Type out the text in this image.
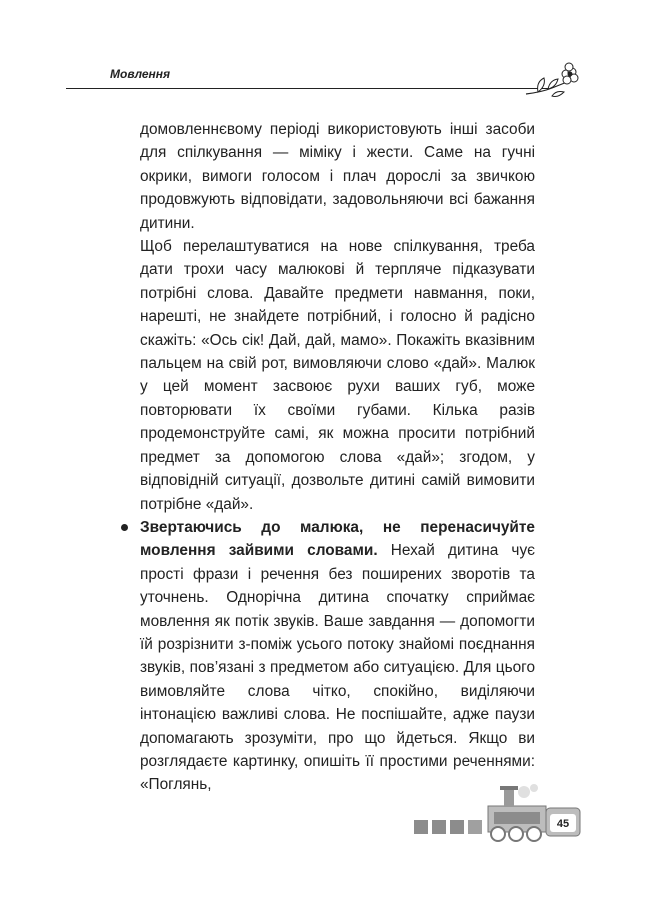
Мовлення

домовленнєвому періоді використовують інші засоби для спілкування — міміку і жести. Саме на гучні окрики, вимоги голосом і плач дорослі за звичкою продовжують відповідати, задовольняючи всі бажання дитини.

Щоб перелаштуватися на нове спілкування, треба дати трохи часу малюкові й терпляче підказувати потрібні слова. Давайте предмети навмання, поки, нарешті, не знайдете потрібний, і голосно й радісно скажіть: «Ось сік! Дай, дай, мамо». Покажіть вказівним пальцем на свій рот, вимовляючи слово «дай». Малюк у цей момент засвоює рухи ваших губ, може повторювати їх своїми губами. Кілька разів продемонструйте самі, як можна просити потрібний предмет за допомогою слова «дай»; згодом, у відповідній ситуації, дозвольте дитині самій вимовити потрібне «дай».

Звертаючись до малюка, не перенасичуйте мовлення зайвими словами. Нехай дитина чує прості фрази і речення без поширених зворотів та уточнень. Однорічна дитина спочатку сприймає мовлення як потік звуків. Ваше завдання — допомогти їй розрізнити з-поміж усього потоку знайомі поєднання звуків, пов’язані з предметом або ситуацією. Для цього вимовляйте слова чітко, спокійно, виділяючи інтонацією важливі слова. Не поспішайте, адже паузи допомагають зрозуміти, про що йдеться. Якщо ви розглядаєте картинку, опишіть її простими реченнями: «Поглянь,

45
